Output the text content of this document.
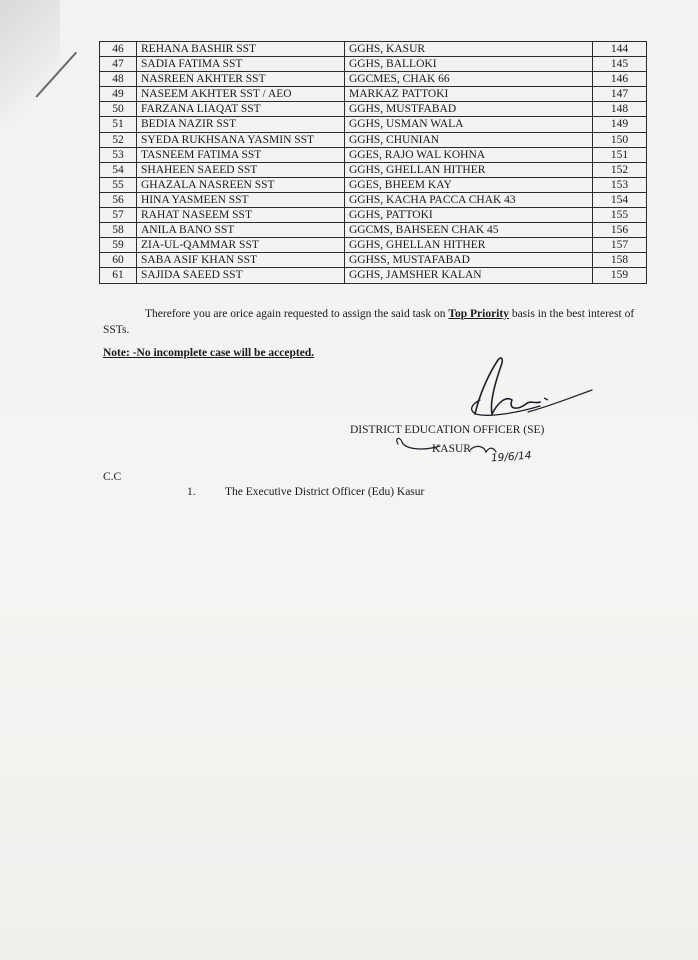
46	REHANA BASHIR SST	GGHS, KASUR	144
47	SADIA FATIMA SST	GGHS, BALLOKI	145
48	NASREEN AKHTER SST	GGCMES, CHAK 66	146
49	NASEEM AKHTER SST / AEO	MARKAZ PATTOKI	147
50	FARZANA LIAQAT SST	GGHS, MUSTFABAD	148
51	BEDIA NAZIR SST	GGHS, USMAN WALA	149
52	SYEDA RUKHSANA YASMIN SST	GGHS, CHUNIAN	150
53	TASNEEM FATIMA SST	GGES, RAJO WAL KOHNA	151
54	SHAHEEN SAEED SST	GGHS, GHELLAN HITHER	152
55	GHAZALA NASREEN SST	GGES, BHEEM KAY	153
56	HINA YASMEEN SST	GGHS, KACHA PACCA CHAK 43	154
57	RAHAT NASEEM SST	GGHS, PATTOKI	155
58	ANILA BANO SST	GGCMS, BAHSEEN CHAK 45	156
59	ZIA-UL-QAMMAR SST	GGHS, GHELLAN HITHER	157
60	SABA ASIF KHAN SST	GGHSS, MUSTAFABAD	158
61	SAJIDA SAEED SST	GGHS, JAMSHER KALAN	159
Therefore you are orice again requested to assign the said task on Top Priority basis in the best interest of SSTs.
Note: -No incomplete case will be accepted.
DISTRICT EDUCATION OFFICER (SE)
KASUR
19/6/14
C.C
1.	The Executive District Officer (Edu) Kasur
